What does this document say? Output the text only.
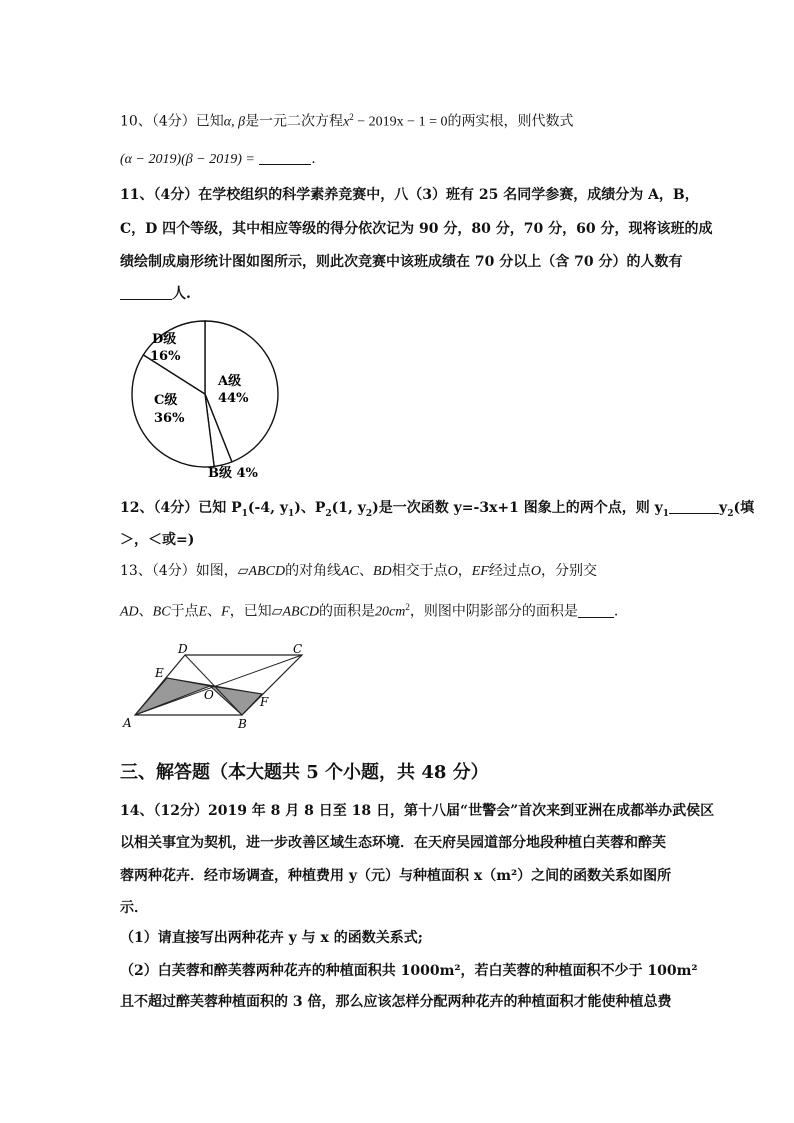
10、（4分）已知α, β是一元二次方程$x^2 - 2019x - 1 = 0$的两实根，则代数式
(α − 2019)(β − 2019) =	.
11、（4分）在学校组织的科学素养竞赛中，八（3）班有 25 名同学参赛，成绩分为 A，B，
C，D 四个等级，其中相应等级的得分依次记为 90 分，80 分，70 分，60 分，现将该班的成
绩绘制成扇形统计图如图所示，则此次竞赛中该班成绩在 70 分以上（含 70 分）的人数有
人.
D级
16%
A级
44%
C级
36%
B级 4%
12、（4分）已知 $P_1(-4$, $y_1$)、$P_2(1$, $y_2$)是一次函数 y=-3x+1 图象上的两个点，则 $y_1$	$y_2$(填
＞，＜或=)
13、（4分）如图，▱ABCD的对角线AC、BD相交于点O，EF经过点O，分别交
AD、BC于点E、F，已知▱ABCD的面积是$20cm^2$，则图中阴影部分的面积是	.
D	C
E
O	F
A	B
三、解答题（本大题共 5 个小题，共 48 分）
14、（12分）2019 年 8 月 8 日至 18 日，第十八届“世警会”首次来到亚洲在成都举办武侯区
以相关事宜为契机，进一步改善区域生态环境．在天府吴园道部分地段种植白芙蓉和醉芙
蓉两种花卉．经市场调查，种植费用 y（元）与种植面积 x（m²）之间的函数关系如图所
示．
（1）请直接写出两种花卉 y 与 x 的函数关系式;
（2）白芙蓉和醉芙蓉两种花卉的种植面积共 1000m²，若白芙蓉的种植面积不少于 100m²
且不超过醉芙蓉种植面积的 3 倍，那么应该怎样分配两种花卉的种植面积才能使种植总费
